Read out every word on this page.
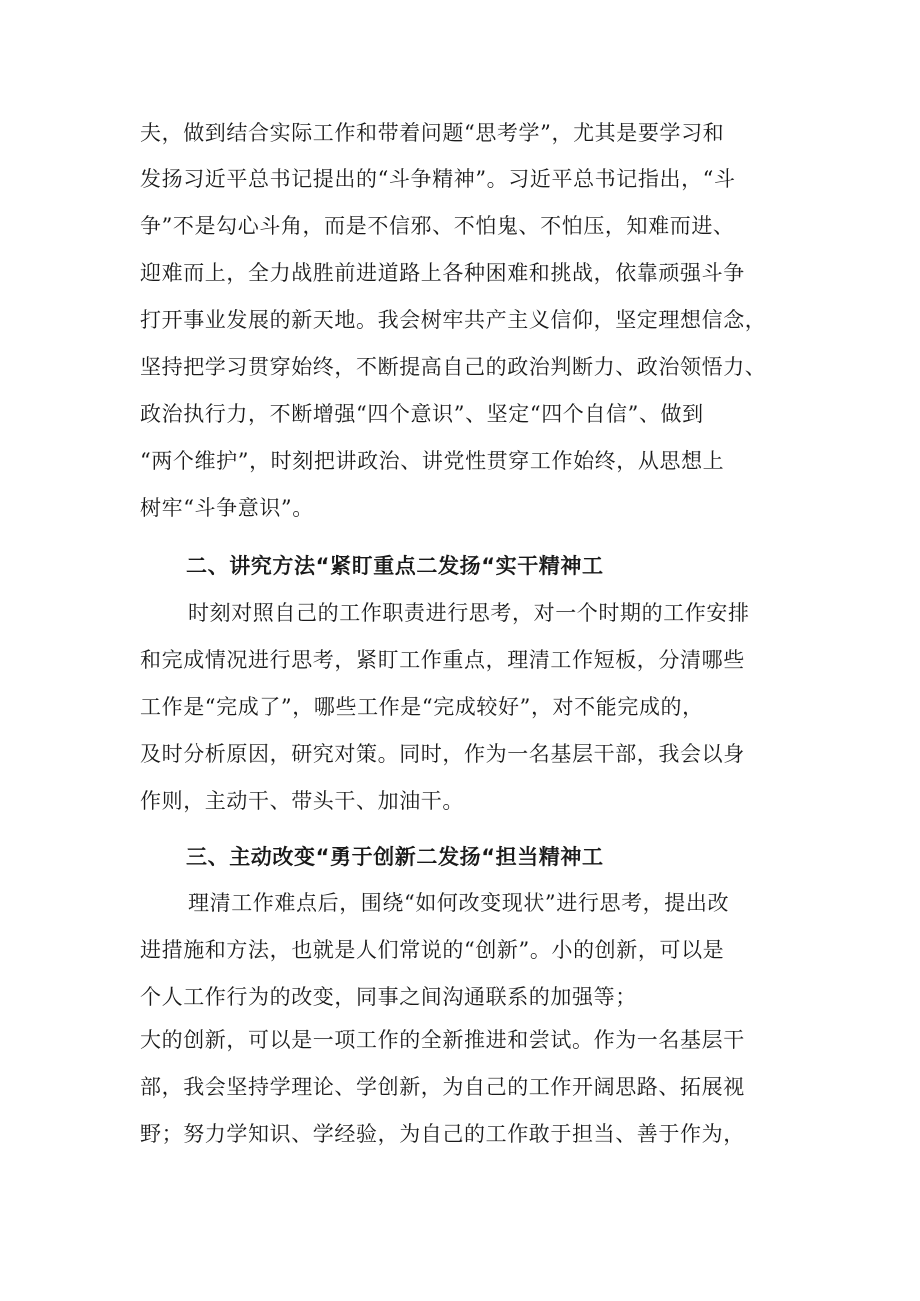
夫，做到结合实际工作和带着问题“思考学”，尤其是要学习和
发扬习近平总书记提出的“斗争精神”。习近平总书记指出，“斗
争”不是勾心斗角，而是不信邪、不怕鬼、不怕压，知难而进、
迎难而上，全力战胜前进道路上各种困难和挑战，依靠顽强斗争
打开事业发展的新天地。我会树牢共产主义信仰，坚定理想信念，
坚持把学习贯穿始终，不断提高自己的政治判断力、政治领悟力、
政治执行力，不断增强“四个意识”、坚定“四个自信”、做到
“两个维护”，时刻把讲政治、讲党性贯穿工作始终，从思想上
树牢“斗争意识”。
二、讲究方法“紧盯重点二发扬“实干精神工
时刻对照自己的工作职责进行思考，对一个时期的工作安排
和完成情况进行思考，紧盯工作重点，理清工作短板，分清哪些
工作是“完成了”，哪些工作是“完成较好”，对不能完成的，
及时分析原因，研究对策。同时，作为一名基层干部，我会以身
作则，主动干、带头干、加油干。
三、主动改变“勇于创新二发扬“担当精神工
理清工作难点后，围绕“如何改变现状”进行思考，提出改
进措施和方法，也就是人们常说的“创新”。小的创新，可以是
个人工作行为的改变，同事之间沟通联系的加强等；
大的创新，可以是一项工作的全新推进和尝试。作为一名基层干
部，我会坚持学理论、学创新，为自己的工作开阔思路、拓展视
野；努力学知识、学经验，为自己的工作敢于担当、善于作为，
